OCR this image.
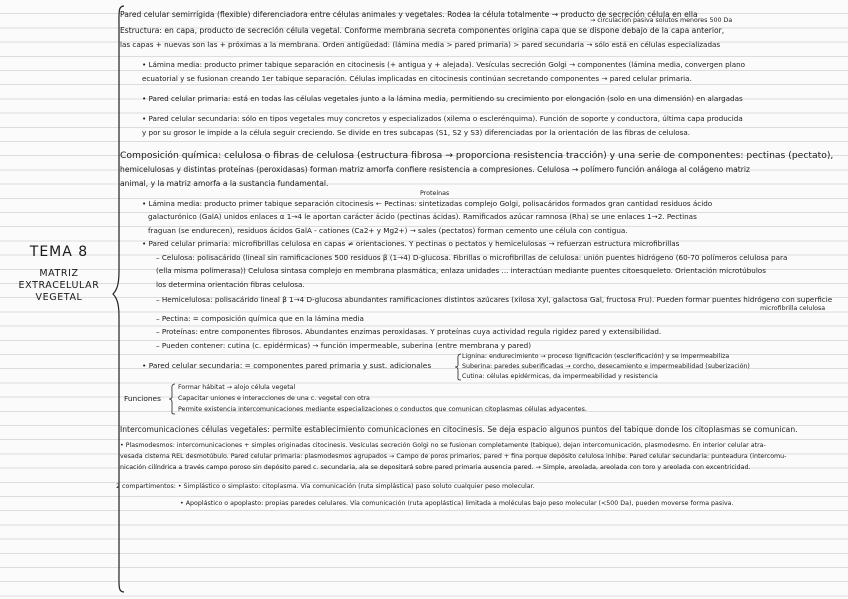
TEMA 8
MATRIZ EXTRACELULAR
VEGETAL
Pared celular semirrígida (flexible) diferenciadora entre células animales y vegetales. Rodea la célula totalmente → producto de secreción célula en ella
→ circulación pasiva solutos menores 500 Da
Estructura: en capa, producto de secreción célula vegetal. Conforme membrana secreta componentes origina capa que se dispone debajo de la capa anterior,
las capas + nuevas son las + próximas a la membrana. Orden antigüedad: (lámina media > pared primaria) > pared secundaria → sólo está en células especializadas
• Lámina media: producto primer tabique separación en citocinesis (+ antigua y + alejada). Vesículas secreción Golgi → componentes (lámina media, convergen plano
ecuatorial y se fusionan creando 1er tabique separación. Células implicadas en citocinesis continúan secretando componentes → pared celular primaria.
• Pared celular primaria: está en todas las células vegetales junto a la lámina media, permitiendo su crecimiento por elongación (solo en una dimensión) en alargadas
• Pared celular secundaria: sólo en tipos vegetales muy concretos y especializados (xilema o esclerénquima). Función de soporte y conductora, última capa producida
y por su grosor le impide a la célula seguir creciendo. Se divide en tres subcapas (S1, S2 y S3) diferenciadas por la orientación de las fibras de celulosa.
Composición química: celulosa o fibras de celulosa (estructura fibrosa → proporciona resistencia tracción) y una serie de componentes: pectinas (pectato),
hemicelulosas y distintas proteínas (peroxidasas) forman matriz amorfa confiere resistencia a compresiones. Celulosa → polímero función análoga al colágeno matriz
animal, y la matriz amorfa a la sustancia fundamental.
Proteínas
• Lámina media: producto primer tabique separación citocinesis ← Pectinas: sintetizadas complejo Golgi, polisacáridos formados gran cantidad residuos ácido
galacturónico (GalA) unidos enlaces α 1→4 le aportan carácter ácido (pectinas ácidas). Ramificados azúcar ramnosa (Rha) se une enlaces 1→2. Pectinas
fraguan (se endurecen), residuos ácidos GalA - cationes (Ca2+ y Mg2+) → sales (pectatos) forman cemento une célula con contigua.
• Pared celular primaria: microfibrillas celulosa en capas ≠ orientaciones. Y pectinas o pectatos y hemicelulosas → refuerzan estructura microfibrillas
– Celulosa: polisacárido (lineal sin ramificaciones 500 residuos β (1→4) D-glucosa. Fibrillas o microfibrillas de celulosa: unión puentes hidrógeno (60-70 polímeros celulosa para
(ella misma polimerasa)) Celulosa sintasa complejo en membrana plasmática, enlaza unidades ... interactúan mediante puentes citoesqueleto. Orientación microtúbulos
los determina orientación fibras celulosa.
– Hemicelulosa: polisacárido lineal β 1→4 D-glucosa abundantes ramificaciones distintos azúcares (xilosa Xyl, galactosa Gal, fructosa Fru). Pueden formar puentes hidrógeno con superficie
microfibrilla celulosa
– Pectina: = composición química que en la lámina media
– Proteínas: entre componentes fibrosos. Abundantes enzimas peroxidasas. Y proteínas cuya actividad regula rigidez pared y extensibilidad.
– Pueden contener: cutina (c. epidérmicas) → función impermeable, suberina (entre membrana y pared)
• Pared celular secundaria: = componentes pared primaria y sust. adicionales
Lignina: endurecimiento → proceso lignificación (esclerificación) y se impermeabiliza
Suberina: paredes suberificadas → corcho, desecamiento e impermeabilidad (suberización)
Cutina: células epidérmicas, da impermeabilidad y resistencia
Funciones
Formar hábitat → alojo célula vegetal
Capacitar uniones e interacciones de una c. vegetal con otra
Permite existencia intercomunicaciones mediante especializaciones o conductos que comunican citoplasmas células adyacentes.
Intercomunicaciones células vegetales: permite establecimiento comunicaciones en citocinesis. Se deja espacio algunos puntos del tabique donde los citoplasmas se comunican.
• Plasmodesmos: intercomunicaciones + simples originadas citocinesis. Vesículas secreción Golgi no se fusionan completamente (tabique), dejan intercomunicación, plasmodesmo. En interior celular atra-
vesada cisterna REL desmotúbulo. Pared celular primaria: plasmodesmos agrupados → Campo de poros primarios, pared + fina porque depósito celulosa inhibe. Pared celular secundaria: punteadura (intercomu-
nicación cilíndrica a través campo poroso sin depósito pared c. secundaria, ala se depositará sobre pared primaria ausencia pared. → Simple, areolada, areolada con toro y areolada con excentricidad.
2 compartimentos: • Simplástico o simplasto: citoplasma. Vía comunicación (ruta simplástica) paso soluto cualquier peso molecular.
• Apoplástico o apoplasto: propias paredes celulares. Vía comunicación (ruta apoplástica) limitada a moléculas bajo peso molecular (<500 Da), pueden moverse forma pasiva.
